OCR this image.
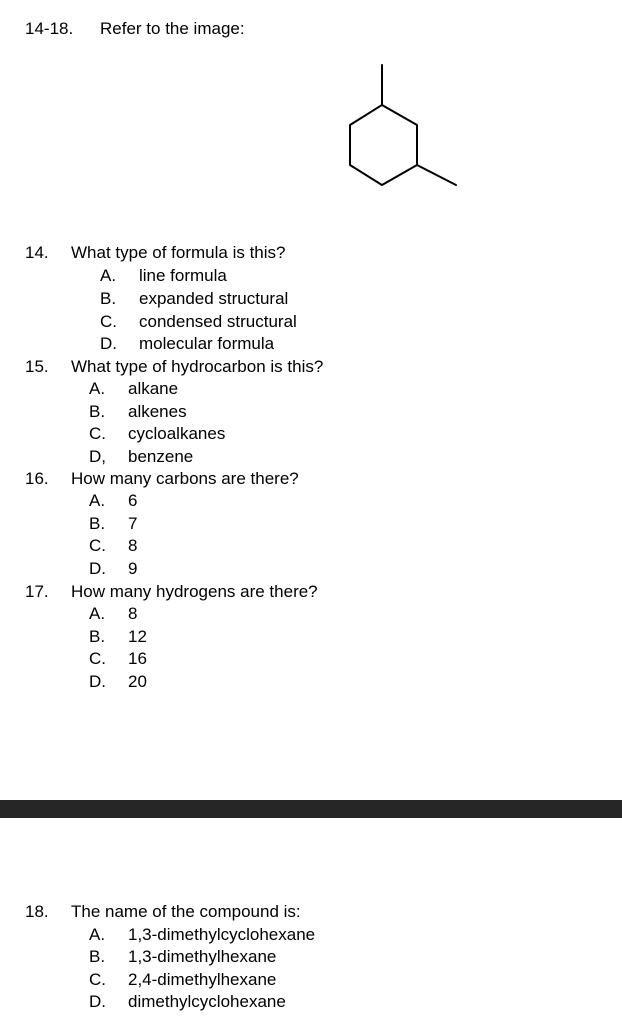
14-18. Refer to the image:
14. What type of formula is this?
A. line formula
B. expanded structural
C. condensed structural
D. molecular formula
15. What type of hydrocarbon is this?
A. alkane
B. alkenes
C. cycloalkanes
D, benzene
16. How many carbons are there?
A. 6
B. 7
C. 8
D. 9
17. How many hydrogens are there?
A. 8
B. 12
C. 16
D. 20
18. The name of the compound is:
A. 1,3-dimethylcyclohexane
B. 1,3-dimethylhexane
C. 2,4-dimethylhexane
D. dimethylcyclohexane
